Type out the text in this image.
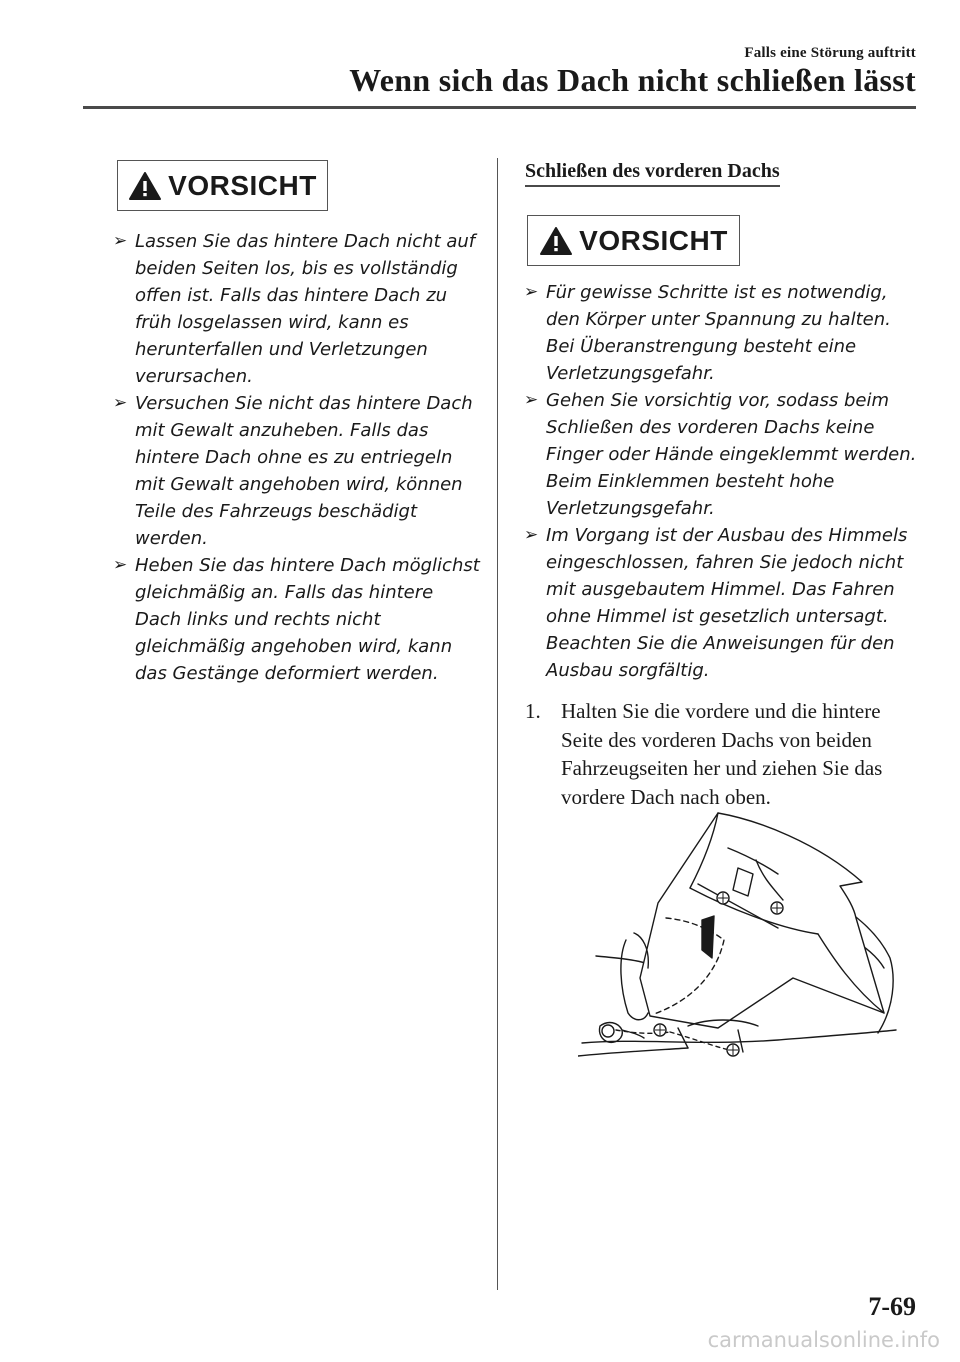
Falls eine Störung auftritt
Wenn sich das Dach nicht schließen lässt
VORSICHT
➢ Lassen Sie das hintere Dach nicht auf beiden Seiten los, bis es vollständig offen ist. Falls das hintere Dach zu früh losgelassen wird, kann es herunterfallen und Verletzungen verursachen.
➢ Versuchen Sie nicht das hintere Dach mit Gewalt anzuheben. Falls das hintere Dach ohne es zu entriegeln mit Gewalt angehoben wird, können Teile des Fahrzeugs beschädigt werden.
➢ Heben Sie das hintere Dach möglichst gleichmäßig an. Falls das hintere Dach links und rechts nicht gleichmäßig angehoben wird, kann das Gestänge deformiert werden.
Schließen des vorderen Dachs
VORSICHT
➢ Für gewisse Schritte ist es notwendig, den Körper unter Spannung zu halten. Bei Überanstrengung besteht eine Verletzungsgefahr.
➢ Gehen Sie vorsichtig vor, sodass beim Schließen des vorderen Dachs keine Finger oder Hände eingeklemmt werden. Beim Einklemmen besteht hohe Verletzungsgefahr.
➢ Im Vorgang ist der Ausbau des Himmels eingeschlossen, fahren Sie jedoch nicht mit ausgebautem Himmel. Das Fahren ohne Himmel ist gesetzlich untersagt. Beachten Sie die Anweisungen für den Ausbau sorgfältig.
1. Halten Sie die vordere und die hintere Seite des vorderen Dachs von beiden Fahrzeugseiten her und ziehen Sie das vordere Dach nach oben.
7-69
carmanualsonline.info
